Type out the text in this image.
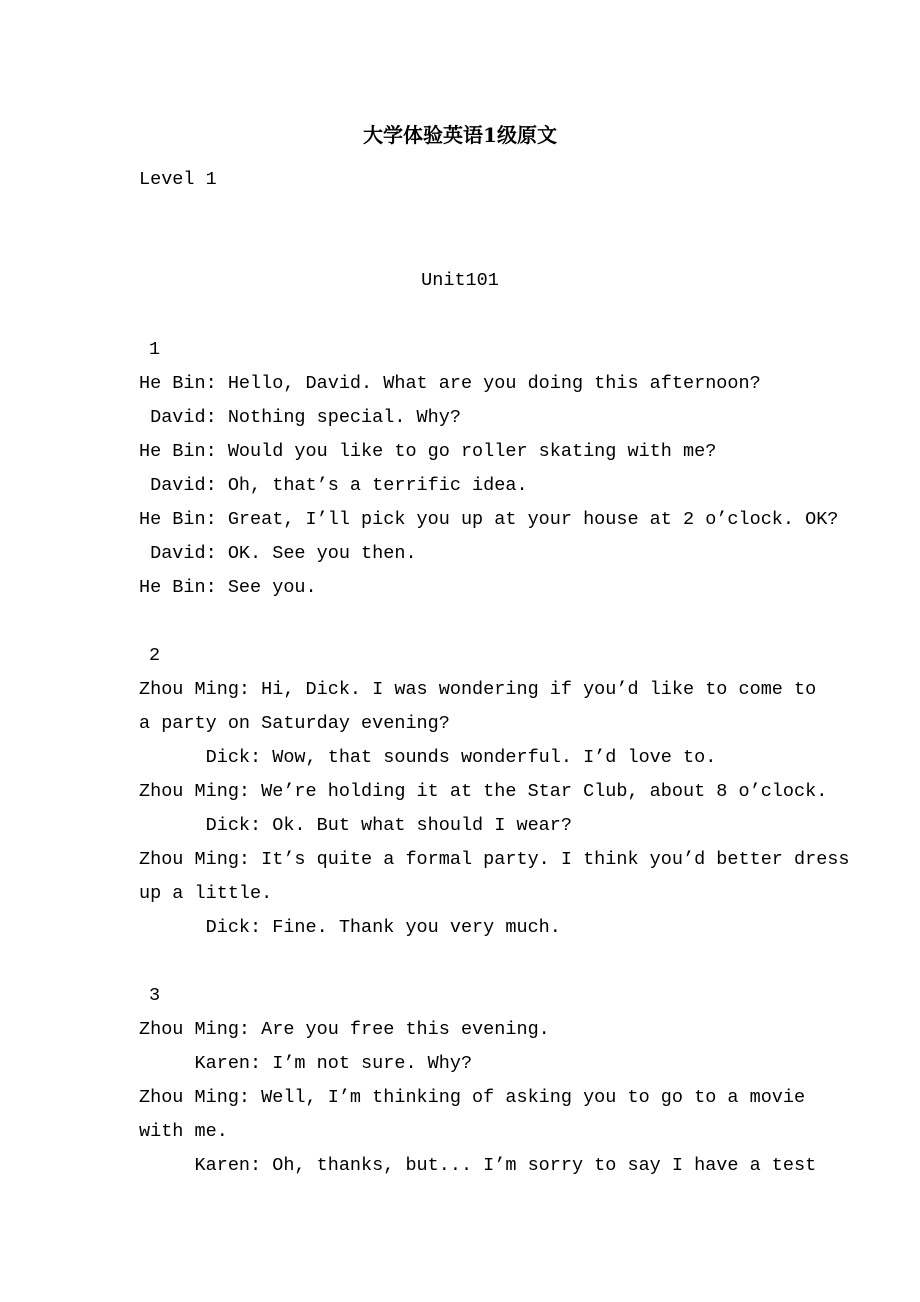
大学体验英语1级原文
Level 1
Unit101
1
He Bin: Hello, David. What are you doing this afternoon?
David: Nothing special. Why?
He Bin: Would you like to go roller skating with me?
David: Oh, that’s a terrific idea.
He Bin: Great, I’ll pick you up at your house at 2 o’clock. OK?
David: OK. See you then.
He Bin: See you.
2
Zhou Ming: Hi, Dick. I was wondering if you’d like to come to
a party on Saturday evening?
Dick: Wow, that sounds wonderful. I’d love to.
Zhou Ming: We’re holding it at the Star Club, about 8 o’clock.
Dick: Ok. But what should I wear?
Zhou Ming: It’s quite a formal party. I think you’d better dress
up a little.
Dick: Fine. Thank you very much.
3
Zhou Ming: Are you free this evening.
Karen: I’m not sure. Why?
Zhou Ming: Well, I’m thinking of asking you to go to a movie
with me.
Karen: Oh, thanks, but... I’m sorry to say I have a test
